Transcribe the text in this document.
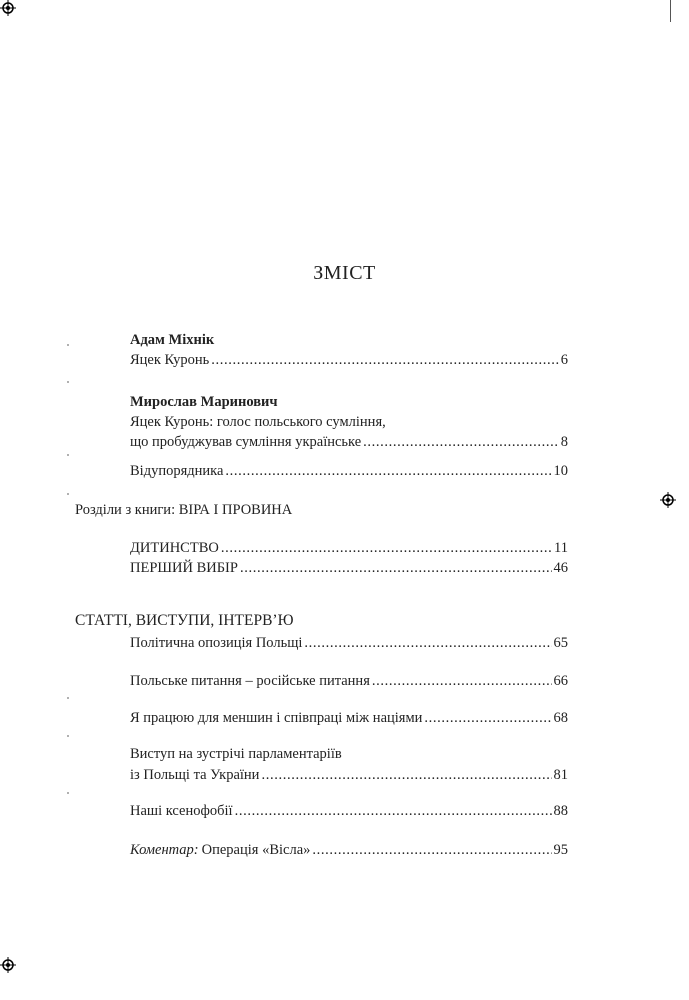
ЗМІСТ
Адам Міхнік
Яцек Куронь . . .	6
Мирослав Маринович
Яцек Куронь: голос польського сумління,
що пробуджував сумління українське . . .	8
Відупорядника . . .	10
Розділи з книги: ВІРА І ПРОВИНА
ДИТИНСТВО . . .	11
ПЕРШИЙ ВИБІР . . .	46
СТАТТІ, ВИСТУПИ, ІНТЕРВ’Ю
Політична опозиція Польщі . . .	65
Польське питання – російське питання . . .	66
Я працюю для меншин і співпраці між націями . . .	68
Виступ на зустрічі парламентаріїв
із Польщі та України . . .	81
Наші ксенофобії . . .	88
Коментар: Операція «Вісла» . . .	95
